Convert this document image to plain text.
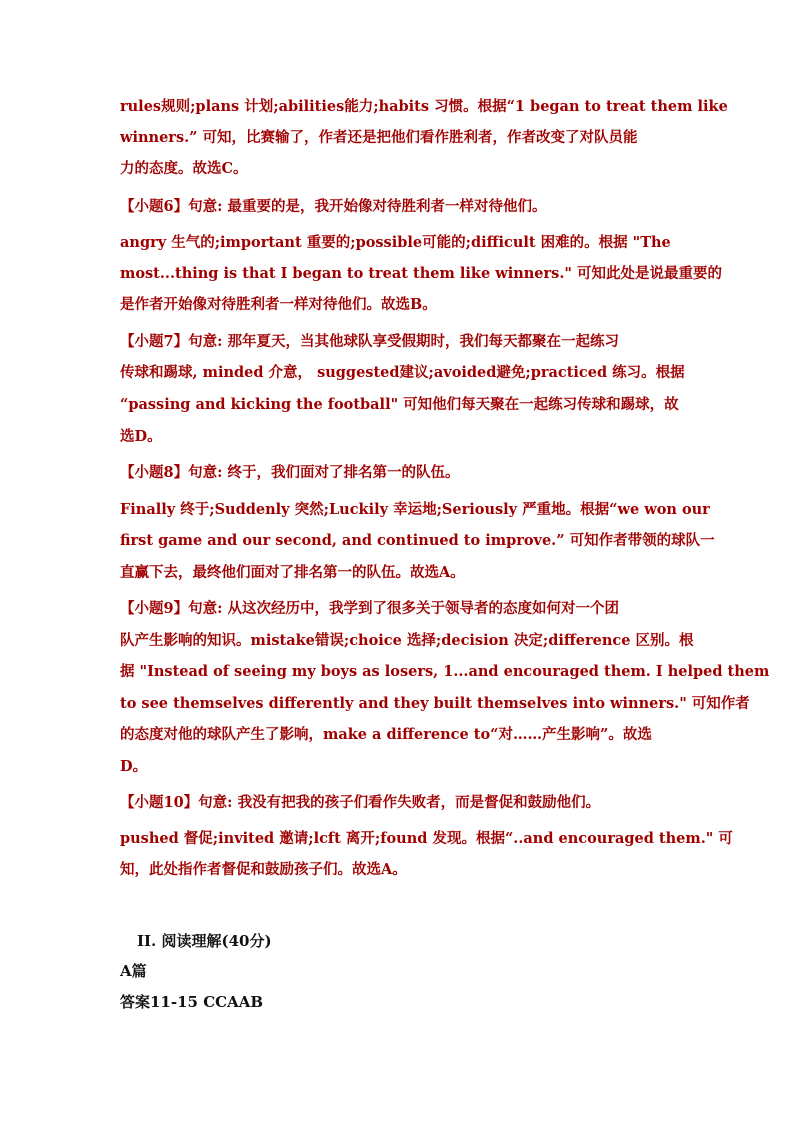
rules规则;plans 计划;abilities能力;habits 习惯。根据“1 began to treat them like
winners.” 可知，比赛输了，作者还是把他们看作胜利者，作者改变了对队员能
力的态度。故选C。
【小题6】句意: 最重要的是，我开始像对待胜利者一样对待他们。
angry 生气的;important 重要的;possible可能的;difficult 困难的。根据 "The
most...thing is that I began to treat them like winners." 可知此处是说最重要的
是作者开始像对待胜利者一样对待他们。故选B。
【小题7】句意: 那年夏天，当其他球队享受假期时，我们每天都聚在一起练习
传球和踢球, minded 介意， suggested建议;avoided避免;practiced 练习。根据
“passing and kicking the football" 可知他们每天聚在一起练习传球和踢球，故
选D。
【小题8】句意: 终于，我们面对了排名第一的队伍。
Finally 终于;Suddenly 突然;Luckily 幸运地;Seriously 严重地。根据“we won our
first game and our second, and continued to improve.” 可知作者带领的球队一
直赢下去，最终他们面对了排名第一的队伍。故选A。
【小题9】句意: 从这次经历中，我学到了很多关于领导者的态度如何对一个团
队产生影响的知识。mistake错误;choice 选择;decision 决定;difference 区别。根
据 "Instead of seeing my boys as losers, 1...and encouraged them. I helped them
to see themselves differently and they built themselves into winners." 可知作者
的态度对他的球队产生了影响，make a difference to“对……产生影响”。故选
D。
【小题10】句意: 我没有把我的孩子们看作失败者，而是督促和鼓励他们。
pushed 督促;invited 邀请;lcft 离开;found 发现。根据“..and encouraged them." 可
知，此处指作者督促和鼓励孩子们。故选A。
II. 阅读理解(40分)
A篇
答案11-15 CCAAB
